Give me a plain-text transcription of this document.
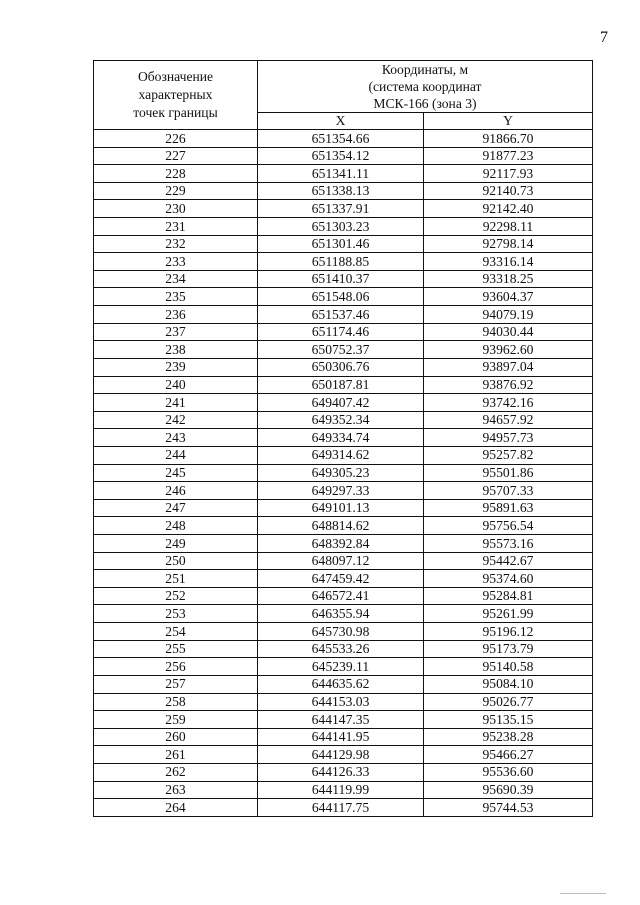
7
Обозначение
характерных
точек границы	Координаты, м
(система координат
МСК-166 (зона 3)	
	X	Y
226	651354.66	91866.70
227	651354.12	91877.23
228	651341.11	92117.93
229	651338.13	92140.73
230	651337.91	92142.40
231	651303.23	92298.11
232	651301.46	92798.14
233	651188.85	93316.14
234	651410.37	93318.25
235	651548.06	93604.37
236	651537.46	94079.19
237	651174.46	94030.44
238	650752.37	93962.60
239	650306.76	93897.04
240	650187.81	93876.92
241	649407.42	93742.16
242	649352.34	94657.92
243	649334.74	94957.73
244	649314.62	95257.82
245	649305.23	95501.86
246	649297.33	95707.33
247	649101.13	95891.63
248	648814.62	95756.54
249	648392.84	95573.16
250	648097.12	95442.67
251	647459.42	95374.60
252	646572.41	95284.81
253	646355.94	95261.99
254	645730.98	95196.12
255	645533.26	95173.79
256	645239.11	95140.58
257	644635.62	95084.10
258	644153.03	95026.77
259	644147.35	95135.15
260	644141.95	95238.28
261	644129.98	95466.27
262	644126.33	95536.60
263	644119.99	95690.39
264	644117.75	95744.53
